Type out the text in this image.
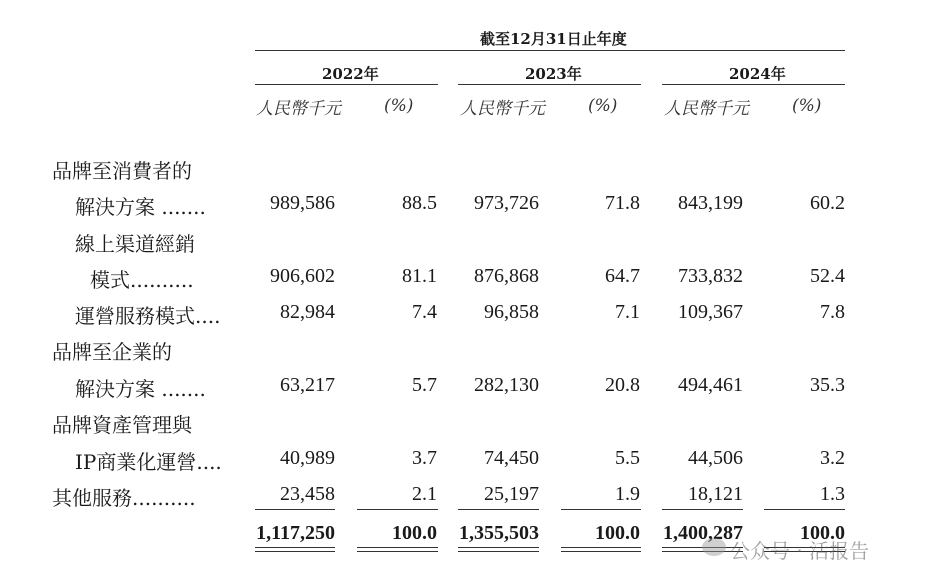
截至12月31日止年度
2022年	2023年	2024年
人民幣千元	(%)	人民幣千元	(%)	人民幣千元	(%)
品牌至消費者的
解決方案 .......	989,586	88.5 973,726	71.8 843,199	60.2
線上渠道經銷
模式..........	906,602	81.1 876,868	64.7 733,832	52.4
運營服務模式....	82,984	7.4 96,858	7.1 109,367	7.8
品牌至企業的
解決方案 .......	63,217	5.7 282,130	20.8 494,461	35.3
品牌資產管理與
IP商業化運營....	40,989	3.7 74,450	5.5 44,506	3.2
其他服務..........	23,458	2.1 25,197	1.9 18,121	1.3
1,117,250	100.0 1,355,503	100.0 1,400,287	100.0
公众号 · 活报告
